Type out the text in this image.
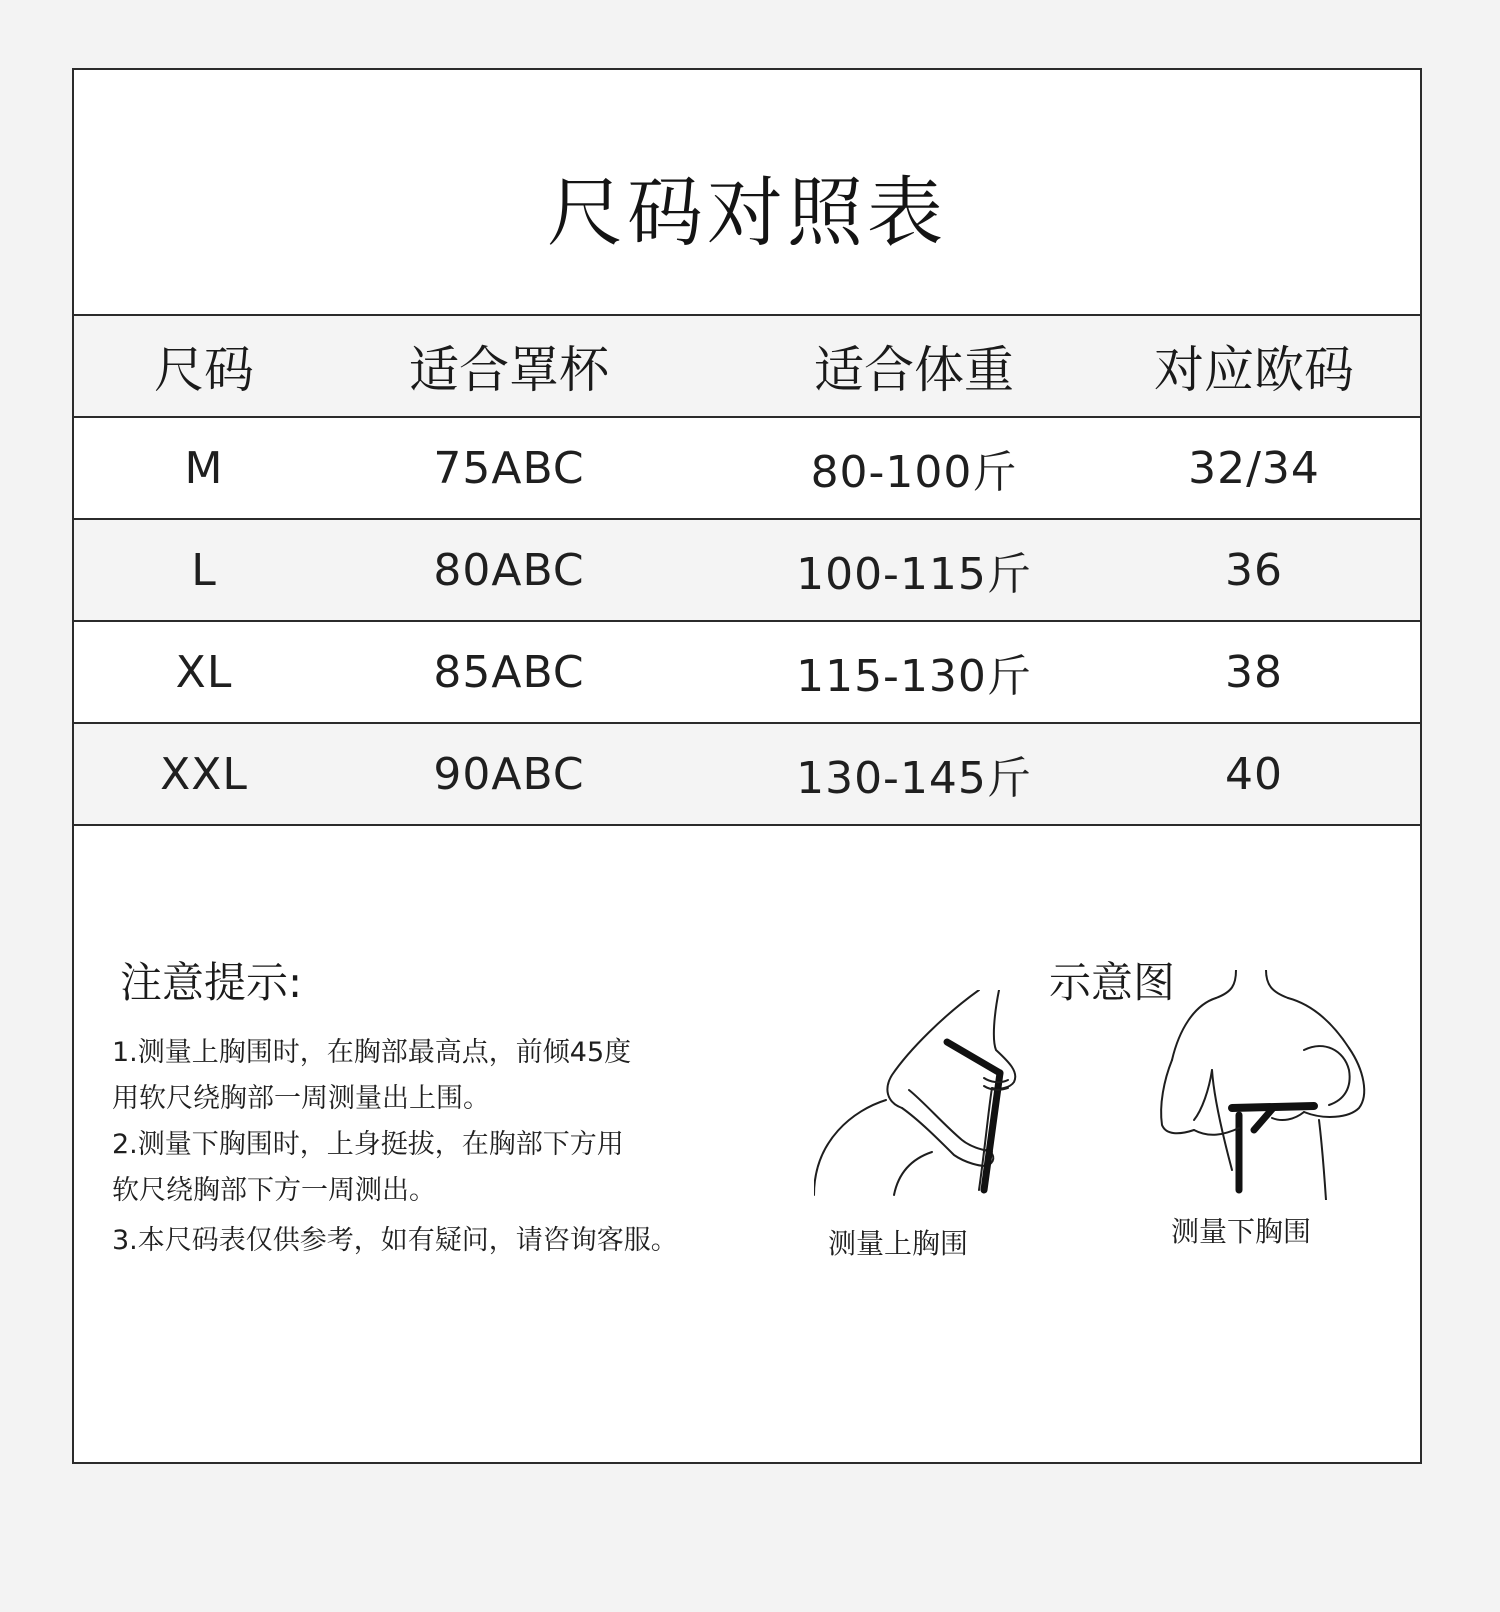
尺码对照表
尺码	适合罩杯	适合体重	对应欧码
M	75ABC	80-100斤	32/34
L	80ABC	100-115斤	36
XL	85ABC	115-130斤	38
XXL	90ABC	130-145斤	40
注意提示:
1.测量上胸围时，在胸部最高点，前倾45度
用软尺绕胸部一周测量出上围。
2.测量下胸围时，上身挺拔，在胸部下方用
软尺绕胸部下方一周测出。
3.本尺码表仅供参考，如有疑问，请咨询客服。
示意图
测量上胸围	测量下胸围
